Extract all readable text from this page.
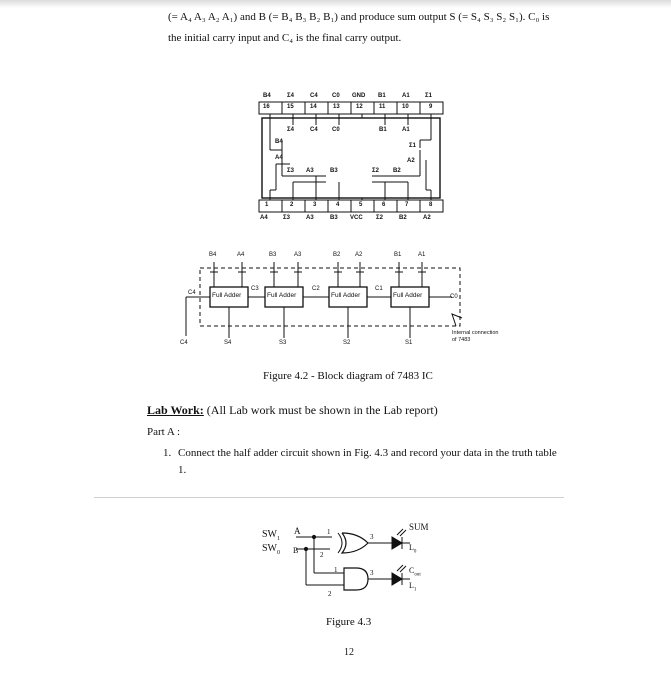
(= A₄ A₃ A₂ A₁) and B (= B₄ B₃ B₂ B₁) and produce sum output S (= S₄ S₃ S₂ S₁). C₀ is
the initial carry input and C₄ is the final carry output.
B4	Σ4	C4 C0 GND B1	A1	Σ1
16	15	14	13	12	11	10	9
Σ4	C4 C0	B1	A1
B4
A4
Σ3 A3	B3
Σ1
A2
Σ2 B2
1	2	3	4	5	6	7	8
A4	Σ3	A3	B3 VCC Σ2	B2	A2
B4	A4	B3	A3	B2 A2	B1	A1
Full Adder	Full Adder	Full Adder	Full Adder
C3	C2	C1
C4
C4
C0
S4	S3	S2	S1
Internal connection
of 7483
Figure 4.2 - Block diagram of 7483 IC
Lab Work: (All Lab work must be shown in the Lab report)
Part A :
1. Connect the half adder circuit shown in Fig. 4.3 and record your data in the truth table
1.
$SW_1$
$SW_0$
A
B
1
2
3
1	3
2
SUM
$L_0$
$C_{out}$
$L_1$
Figure 4.3
12
